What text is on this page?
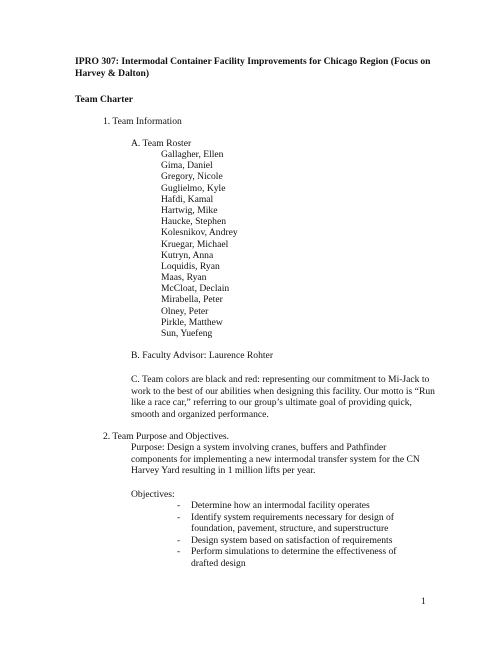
IPRO 307: Intermodal Container Facility Improvements for Chicago Region (Focus on Harvey & Dalton)
Team Charter
1. Team Information
A. Team Roster
Gallagher, Ellen
Gima, Daniel
Gregory, Nicole
Guglielmo, Kyle
Hafdi, Kamal
Hartwig, Mike
Haucke, Stephen
Kolesnikov, Andrey
Kruegar, Michael
Kutryn, Anna
Loquidis, Ryan
Maas, Ryan
McCloat, Declain
Mirabella, Peter
Olney, Peter
Pirkle, Matthew
Sun, Yuefeng
B. Faculty Advisor: Laurence Rohter
C. Team colors are black and red: representing our commitment to Mi-Jack to work to the best of our abilities when designing this facility. Our motto is “Run like a race car,” referring to our group’s ultimate goal of providing quick, smooth and organized performance.
2. Team Purpose and Objectives.
Purpose: Design a system involving cranes, buffers and Pathfinder components for implementing a new intermodal transfer system for the CN Harvey Yard resulting in 1 million lifts per year.
Objectives:
- Determine how an intermodal facility operates
- Identify system requirements necessary for design of foundation, pavement, structure, and superstructure
- Design system based on satisfaction of requirements
- Perform simulations to determine the effectiveness of drafted design
1
